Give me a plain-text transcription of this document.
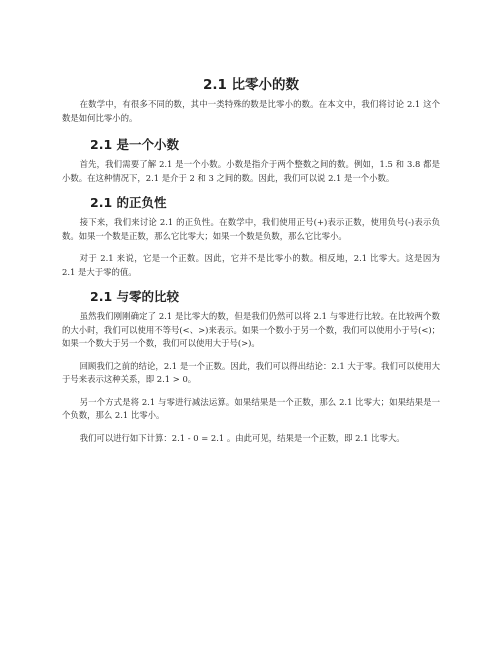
2.1 比零小的数

在数学中，有很多不同的数，其中一类特殊的数是比零小的数。在本文中，我们将讨论 2.1 这个数是如何比零小的。

2.1 是一个小数

首先，我们需要了解 2.1 是一个小数。小数是指介于两个整数之间的数。例如，1.5 和 3.8 都是小数。在这种情况下，2.1 是介于 2 和 3 之间的数。因此，我们可以说 2.1 是一个小数。

2.1 的正负性

接下来，我们来讨论 2.1 的正负性。在数学中，我们使用正号(+)表示正数，使用负号(-)表示负数。如果一个数是正数，那么它比零大；如果一个数是负数，那么它比零小。

对于 2.1 来说，它是一个正数。因此，它并不是比零小的数。相反地，2.1 比零大。这是因为 2.1 是大于零的值。

2.1 与零的比较

虽然我们刚刚确定了 2.1 是比零大的数，但是我们仍然可以将 2.1 与零进行比较。在比较两个数的大小时，我们可以使用不等号(<、>)来表示。如果一个数小于另一个数，我们可以使用小于号(<)；如果一个数大于另一个数，我们可以使用大于号(>)。

回顾我们之前的结论，2.1 是一个正数。因此，我们可以得出结论：2.1 大于零。我们可以使用大于号来表示这种关系，即 2.1 > 0。

另一个方式是将 2.1 与零进行减法运算。如果结果是一个正数，那么 2.1 比零大；如果结果是一个负数，那么 2.1 比零小。

我们可以进行如下计算：2.1 - 0 = 2.1 。由此可见，结果是一个正数，即 2.1 比零大。
